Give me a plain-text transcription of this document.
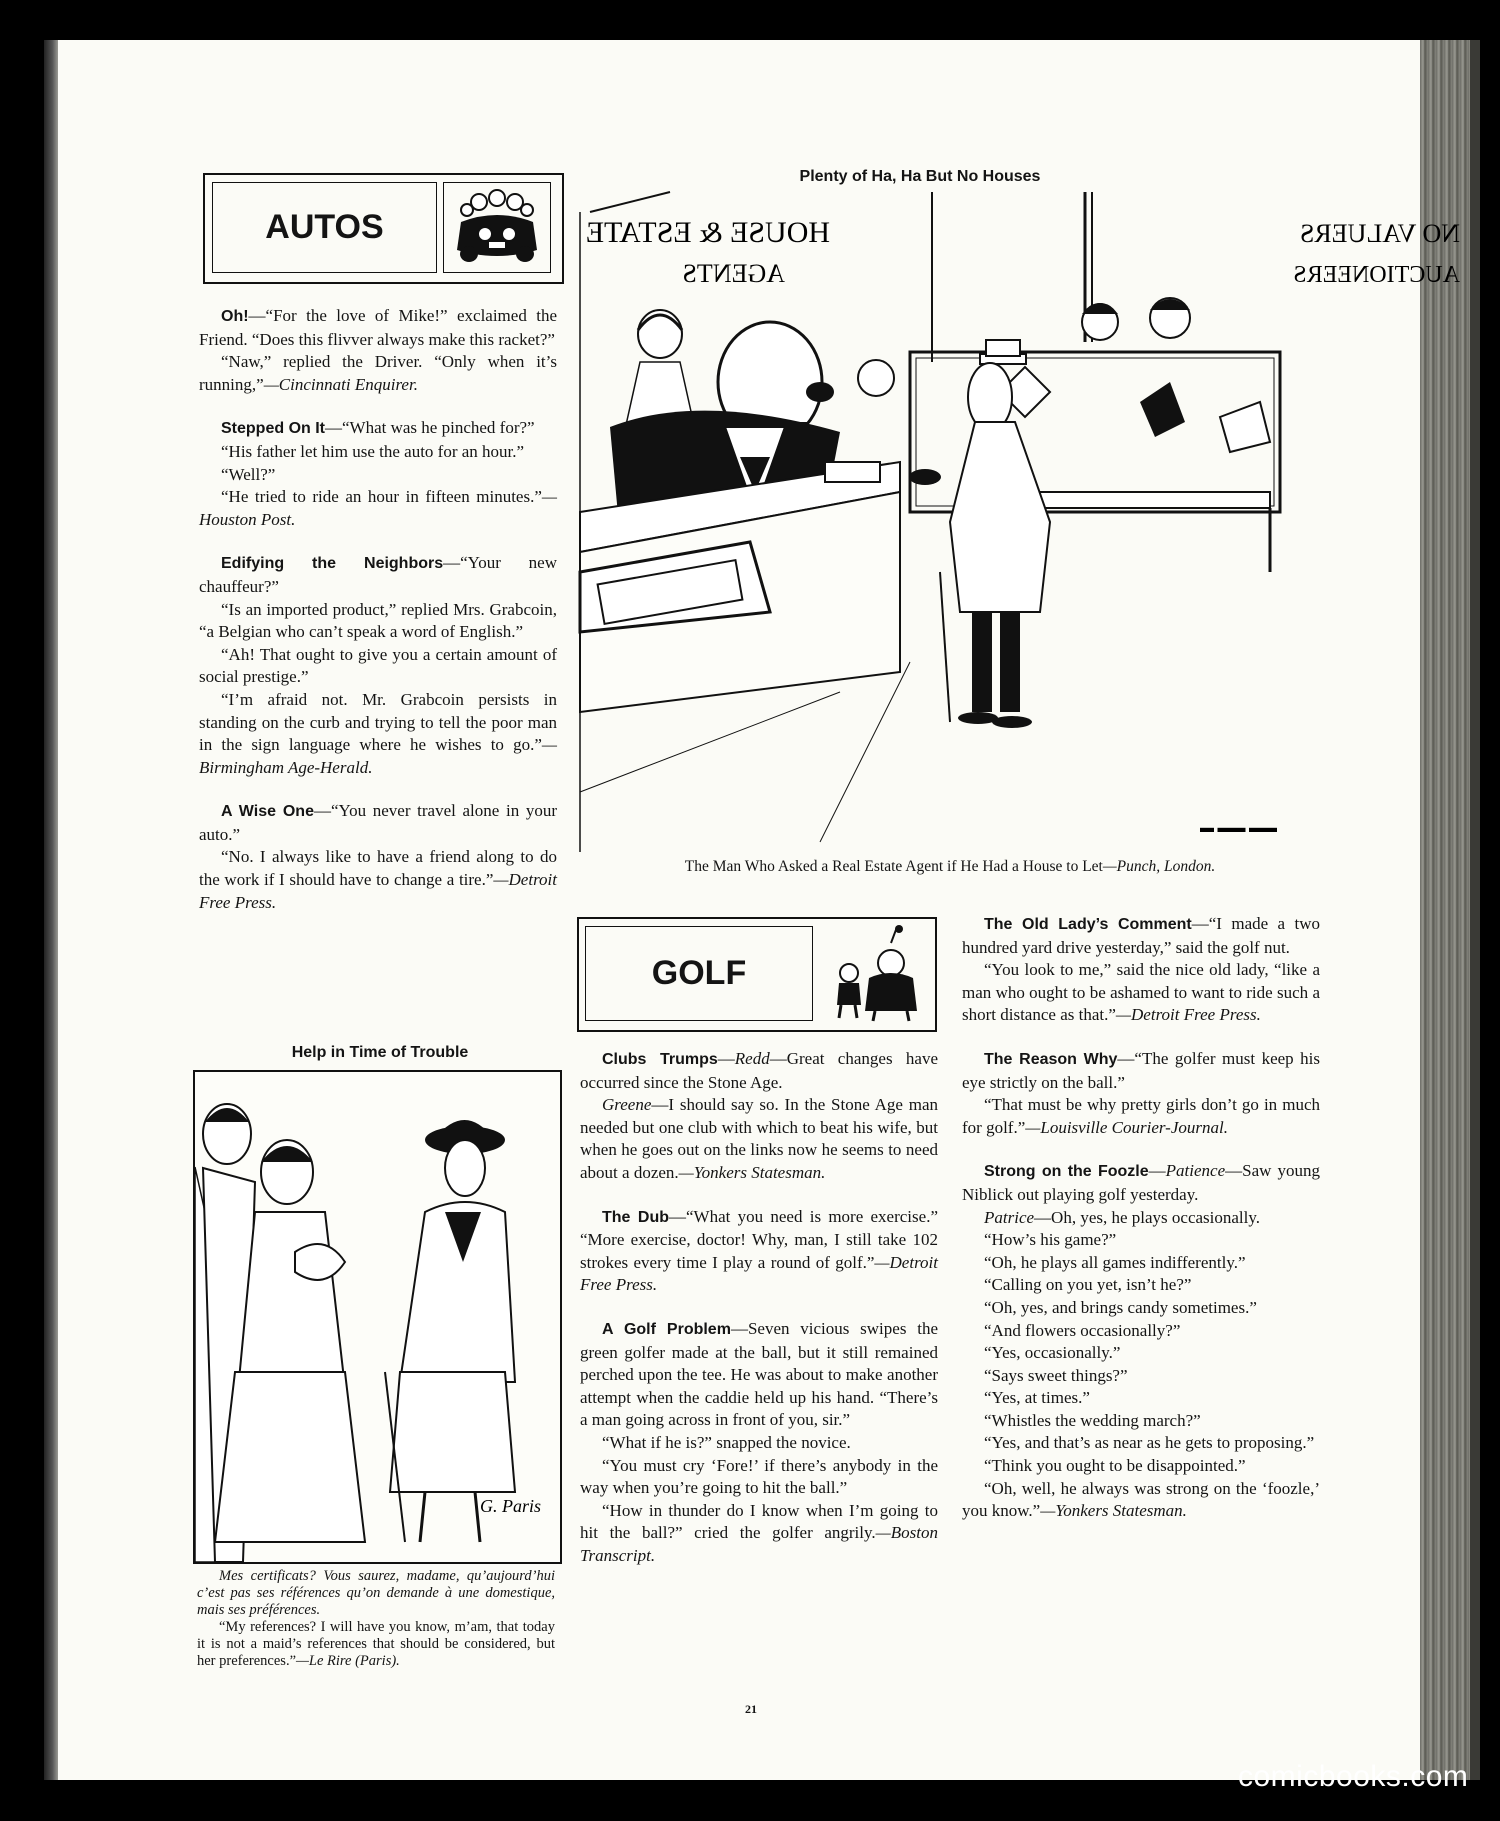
AUTOS

Oh!—“For the love of Mike!” exclaimed the Friend. “Does this flivver always make this racket?”
“Naw,” replied the Driver. “Only when it’s running,”—Cincinnati Enquirer.

Stepped On It—“What was he pinched for?”
“His father let him use the auto for an hour.”
“Well?”
“He tried to ride an hour in fifteen minutes.”—Houston Post.

Edifying the Neighbors—“Your new chauffeur?”
“Is an imported product,” replied Mrs. Grabcoin, “a Belgian who can’t speak a word of English.”
“Ah! That ought to give you a certain amount of social prestige.”
“I’m afraid not. Mr. Grabcoin persists in standing on the curb and trying to tell the poor man in the sign language where he wishes to go.”—Birmingham Age-Herald.

A Wise One—“You never travel alone in your auto.”
“No. I always like to have a friend along to do the work if I should have to change a tire.”—Detroit Free Press.

Plenty of Ha, Ha But No Houses
HOUSE & ESTATE
AGENTS
NO VALUERS
AUCTIONEERS
▬ ▬▬ ▬▬
The Man Who Asked a Real Estate Agent if He Had a House to Let—Punch, London.
Help in Time of Trouble
G. Paris

Mes certificats? Vous saurez, madame, qu’aujourd’hui c’est pas ses références qu’on demande à une domestique, mais ses préférences.

“My references? I will have you know, m’am, that today it is not a maid’s references that should be considered, but her preferences.”—Le Rire (Paris).

GOLF

Clubs Trumps—Redd—Great changes have occurred since the Stone Age.
Greene—I should say so. In the Stone Age man needed but one club with which to beat his wife, but when he goes out on the links now he seems to need about a dozen.—Yonkers Statesman.

The Dub—“What you need is more exercise.” “More exercise, doctor! Why, man, I still take 102 strokes every time I play a round of golf.”—Detroit Free Press.

A Golf Problem—Seven vicious swipes the green golfer made at the ball, but it still remained perched upon the tee. He was about to make another attempt when the caddie held up his hand. “There’s a man going across in front of you, sir.”
“What if he is?” snapped the novice.
“You must cry ‘Fore!’ if there’s anybody in the way when you’re going to hit the ball.”
“How in thunder do I know when I’m going to hit the ball?” cried the golfer angrily.—Boston Transcript.

The Old Lady’s Comment—“I made a two hundred yard drive yesterday,” said the golf nut.
“You look to me,” said the nice old lady, “like a man who ought to be ashamed to want to ride such a short distance as that.”—Detroit Free Press.

The Reason Why—“The golfer must keep his eye strictly on the ball.”
“That must be why pretty girls don’t go in much for golf.”—Louisville Courier-Journal.

Strong on the Foozle—Patience—Saw young Niblick out playing golf yesterday.
Patrice—Oh, yes, he plays occasionally.
“How’s his game?”
“Oh, he plays all games indifferently.”
“Calling on you yet, isn’t he?”
“Oh, yes, and brings candy sometimes.”
“And flowers occasionally?”
“Yes, occasionally.”
“Says sweet things?”
“Yes, at times.”
“Whistles the wedding march?”
“Yes, and that’s as near as he gets to proposing.”
“Think you ought to be disappointed.”
“Oh, well, he always was strong on the ‘foozle,’ you know.”—Yonkers Statesman.

21
comicbooks.com
